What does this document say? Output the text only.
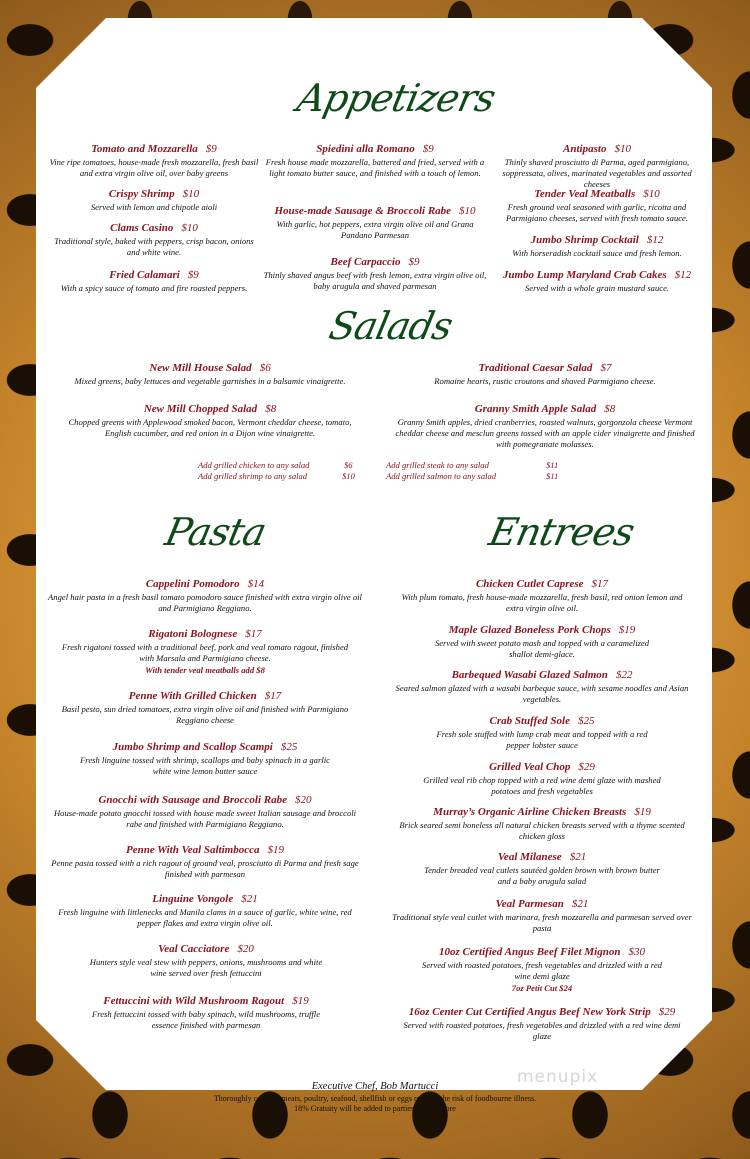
Appetizers
Salads
Pasta	Entrees
Tomato and Mozzarella $9
Vine ripe tomatoes, house-made fresh mozzarella, fresh basil and extra virgin olive oil, over baby greens
Crispy Shrimp $10
Served with lemon and chipotle aioli
Clams Casino $10
Traditional style, baked with peppers, crisp bacon, onions and white wine.
Fried Calamari $9
With a spicy sauce of tomato and fire roasted peppers.
Spiedini alla Romano $9
Fresh house made mozzarella, battered and fried, served with a light tomato butter sauce, and finished with a touch of lemon.
House-made Sausage & Broccoli Rabe $10
With garlic, hot peppers, extra virgin olive oil and Grana Pandano Parmesan
Beef Carpaccio $9
Thinly shaved angus beef with fresh lemon, extra virgin olive oil, baby arugula and shaved parmesan
Antipasto $10
Thinly shaved prosciutto di Parma, aged parmigiano, soppressata, olives, marinated vegetables and assorted cheeses
Tender Veal Meatballs $10
Fresh ground veal seasoned with garlic, ricotta and Parmigiano cheeses, served with fresh tomato sauce.
Jumbo Shrimp Cocktail $12
With horseradish cocktail sauce and fresh lemon.
Jumbo Lump Maryland Crab Cakes $12
Served with a whole grain mustard sauce.
New Mill House Salad $6
Mixed greens, baby lettuces and vegetable garnishes in a balsamic vinaigrette.
New Mill Chopped Salad $8
Chopped greens with Applewood smoked bacon, Vermont cheddar cheese, tomato, English cucumber, and red onion in a Dijon wine vinaigrette.
Traditional Caesar Salad $7
Romaine hearts, rustic croutons and shaved Parmigiano cheese.
Granny Smith Apple Salad $8
Granny Smith apples, dried cranberries, roasted walnuts, gorgonzola cheese Vermont cheddar cheese and mesclun greens tossed with an apple cider vinaigrette and finished with pomegranate molasses.
Add grilled chicken to any salad	$6
Add grilled shrimp to any salad	$10
Add grilled steak to any salad	$11
Add grilled salmon to any salad	$11
Cappelini Pomodoro $14
Angel hair pasta in a fresh basil tomato pomodoro sauce finished with extra virgin olive oil and Parmigiano Reggiano.
Rigatoni Bolognese $17
Fresh rigatoni tossed with a traditional beef, pork and veal tomato ragout, finished with Marsala and Parmigiano cheese.
With tender veal meatballs add $8
Penne With Grilled Chicken $17
Basil pesto, sun dried tomatoes, extra virgin olive oil and finished with Parmigiano Reggiano cheese
Jumbo Shrimp and Scallop Scampi $25
Fresh linguine tossed with shrimp, scallops and baby spinach in a garlic white wine lemon butter sauce
Gnocchi with Sausage and Broccoli Rabe $20
House-made potato gnocchi tossed with house made sweet Italian sausage and broccoli rabe and finished with Parmigiano Reggiano.
Penne With Veal Saltimbocca $19
Penne pasta tossed with a rich ragout of ground veal, prosciutto di Parma and fresh sage finished with parmesan
Linguine Vongole $21
Fresh linguine with littlenecks and Manila clams in a sauce of garlic, white wine, red pepper flakes and extra virgin olive oil.
Veal Cacciatore $20
Hunters style veal stew with peppers, onions, mushrooms and white wine served over fresh fettuccini
Fettuccini with Wild Mushroom Ragout $19
Fresh fettuccini tossed with baby spinach, wild mushrooms, truffle essence finished with parmesan
Chicken Cutlet Caprese $17
With plum tomato, fresh house-made mozzarella, fresh basil, red onion lemon and extra virgin olive oil.
Maple Glazed Boneless Pork Chops $19
Served with sweet potato mash and topped with a caramelized shallot demi-glace.
Barbequed Wasabi Glazed Salmon $22
Seared salmon glazed with a wasabi barbeque sauce, with sesame noodles and Asian vegetables.
Crab Stuffed Sole $25
Fresh sole stuffed with lump crab meat and topped with a red pepper lobster sauce
Grilled Veal Chop $29
Grilled veal rib chop topped with a red wine demi glaze with mashed potatoes and fresh vegetables
Murray’s Organic Airline Chicken Breasts $19
Brick seared semi boneless all natural chicken breasts served with a thyme scented chicken gloss
Veal Milanese $21
Tender breaded veal cutlets sautéed golden brown with brown butter and a baby arugula salad
Veal Parmesan $21
Traditional style veal cutlet with marinara, fresh mozzarella and parmesan served over pasta
10oz Certified Angus Beef Filet Mignon $30
Served with roasted potatoes, fresh vegetables and drizzled with a red wine demi glaze
7oz Petit Cut $24
16oz Center Cut Certified Angus Beef New York Strip $29
Served with roasted potatoes, fresh vegetables and drizzled with a red wine demi glaze
Executive Chef, Bob Martucci
Thoroughly cooking meats, poultry, seafood, shellfish or eggs reduces the risk of foodbourne illness.
18% Gratuity will be added to parties of 6 or more
menupix
